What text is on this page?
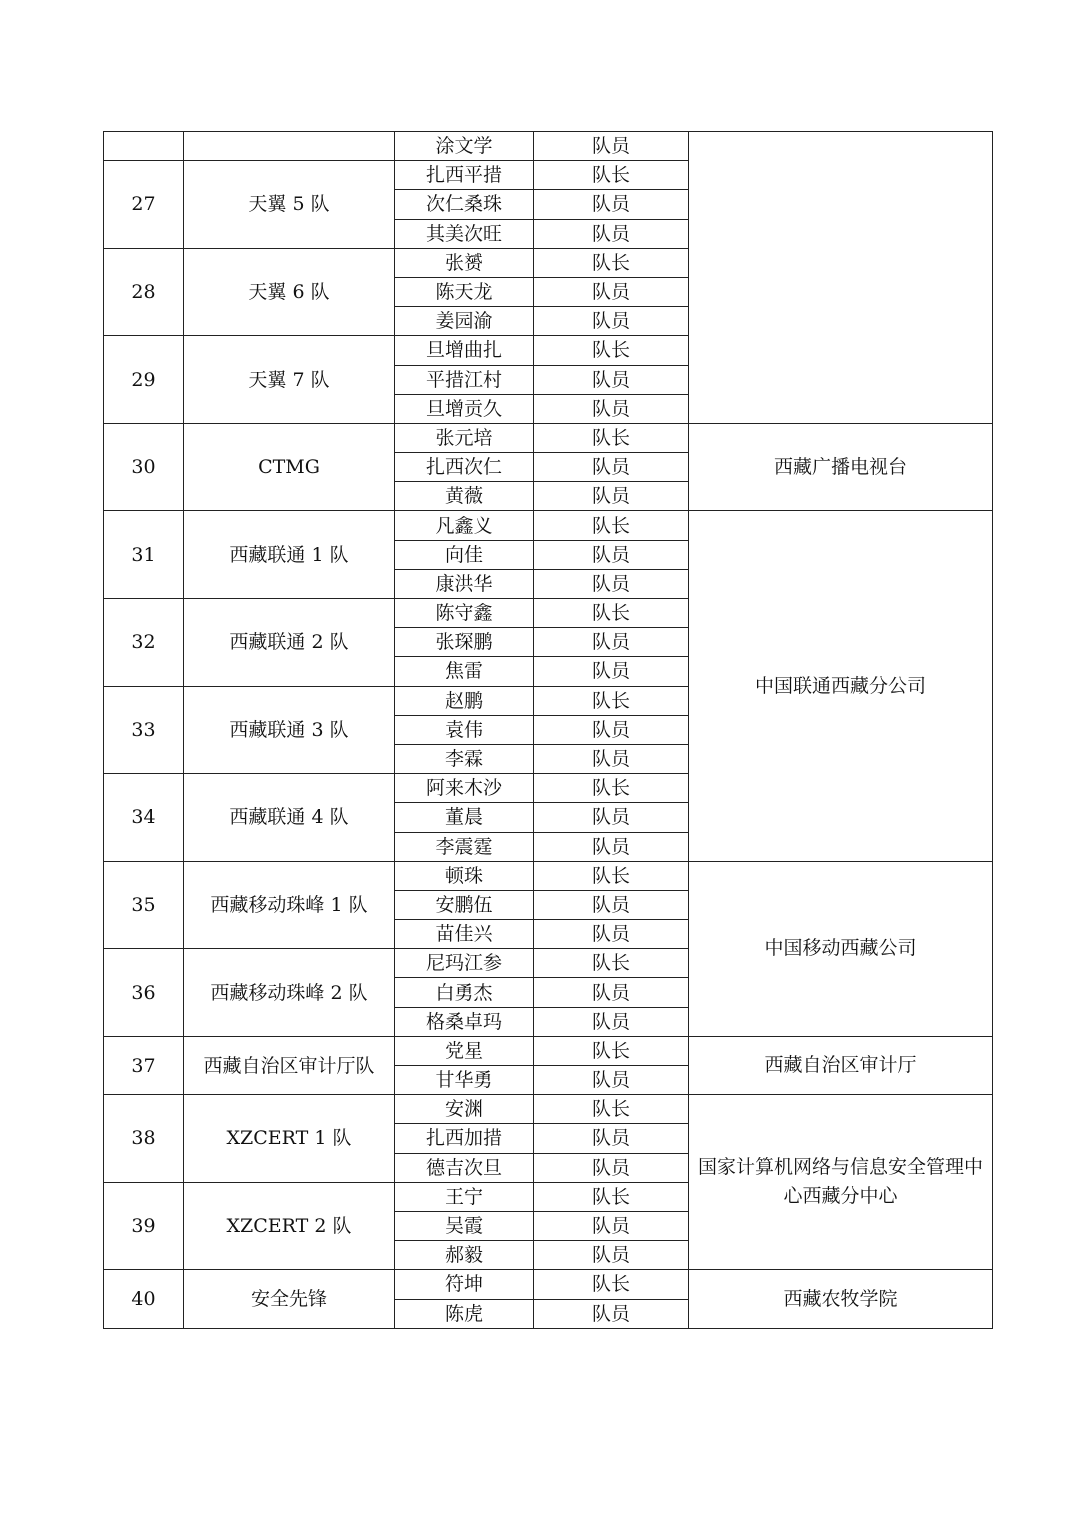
		涂文学	队员	
27	天翼 5 队	扎西平措	队长	
		次仁桑珠	队员	
		其美次旺	队员	
28	天翼 6 队	张赟	队长	
		陈天龙	队员	
		姜园渝	队员	
29	天翼 7 队	旦增曲扎	队长	
		平措江村	队员	
		旦增贡久	队员	
30	CTMG	张元培	队长	西藏广播电视台
		扎西次仁	队员	
		黄薇	队员	
31	西藏联通 1 队	凡鑫义	队长	中国联通西藏分公司
		向佳	队员	
		康洪华	队员	
32	西藏联通 2 队	陈守鑫	队长	
		张琛鹏	队员	
		焦雷	队员	
33	西藏联通 3 队	赵鹏	队长	
		袁伟	队员	
		李霖	队员	
34	西藏联通 4 队	阿来木沙	队长	
		董晨	队员	
		李震霆	队员	
35	西藏移动珠峰 1 队	顿珠	队长	中国移动西藏公司
		安鹏伍	队员	
		苗佳兴	队员	
36	西藏移动珠峰 2 队	尼玛江参	队长	
		白勇杰	队员	
		格桑卓玛	队员	
37	西藏自治区审计厅队	党星	队长	西藏自治区审计厅
		甘华勇	队员	
38	XZCERT 1 队	安渊	队长	国家计算机网络与信息安全管理中心西藏分中心
		扎西加措	队员	
		德吉次旦	队员	
39	XZCERT 2 队	王宁	队长	
		吴霞	队员	
		郝毅	队员	
40	安全先锋	符坤	队长	西藏农牧学院
		陈虎	队员	
